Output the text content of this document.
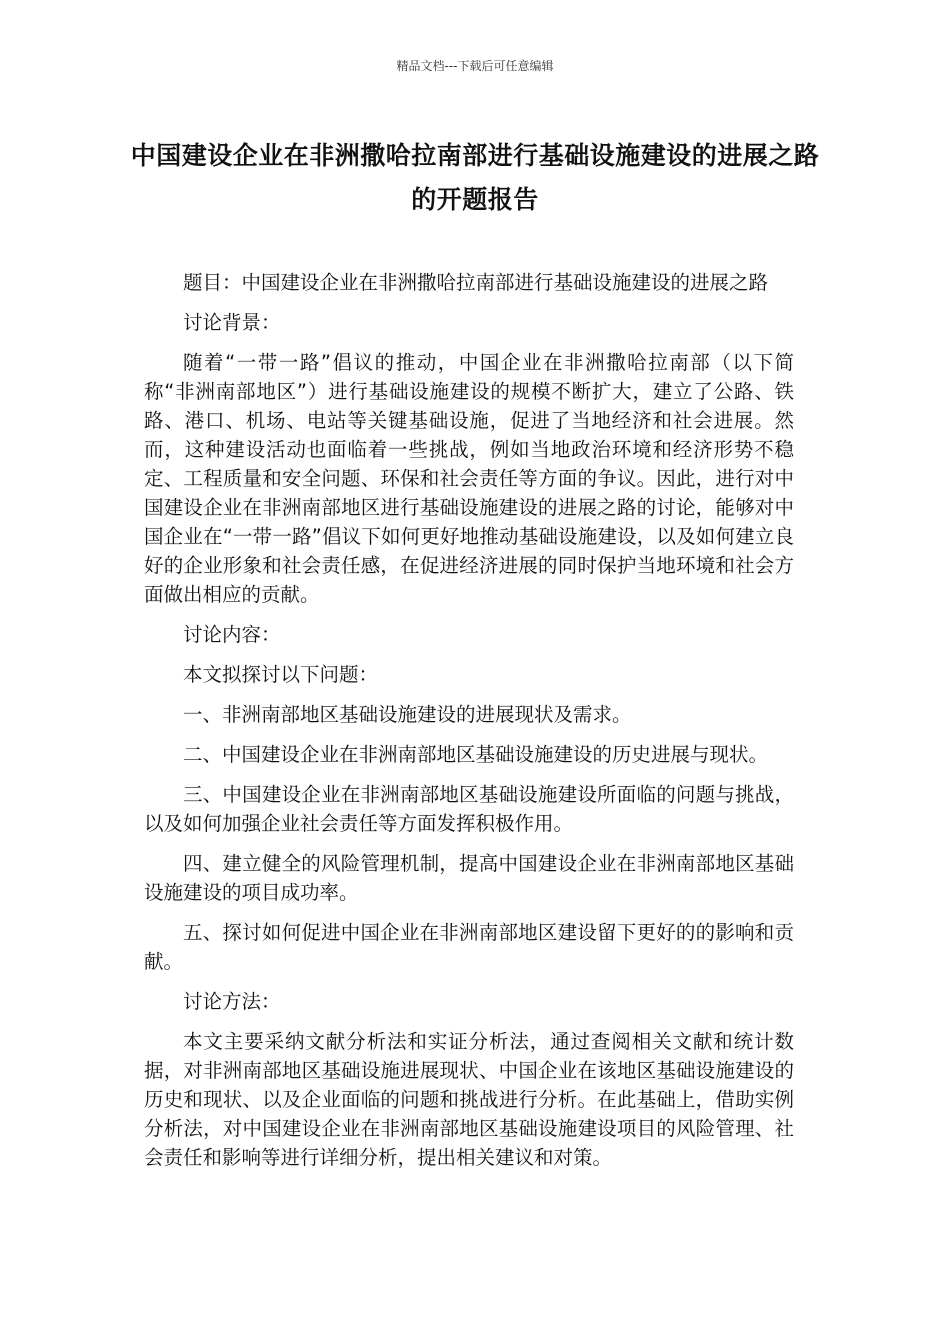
精品文档---下载后可任意编辑
中国建设企业在非洲撒哈拉南部进行基础设施建设的进展之路的开题报告

题目：中国建设企业在非洲撒哈拉南部进行基础设施建设的进展之路

讨论背景：

随着“一带一路”倡议的推动，中国企业在非洲撒哈拉南部（以下简称“非洲南部地区”）进行基础设施建设的规模不断扩大，建立了公路、铁路、港口、机场、电站等关键基础设施，促进了当地经济和社会进展。然而，这种建设活动也面临着一些挑战，例如当地政治环境和经济形势不稳定、工程质量和安全问题、环保和社会责任等方面的争议。因此，进行对中国建设企业在非洲南部地区进行基础设施建设的进展之路的讨论，能够对中国企业在“一带一路”倡议下如何更好地推动基础设施建设，以及如何建立良好的企业形象和社会责任感，在促进经济进展的同时保护当地环境和社会方面做出相应的贡献。

讨论内容：

本文拟探讨以下问题：

一、非洲南部地区基础设施建设的进展现状及需求。

二、中国建设企业在非洲南部地区基础设施建设的历史进展与现状。

三、中国建设企业在非洲南部地区基础设施建设所面临的问题与挑战，以及如何加强企业社会责任等方面发挥积极作用。

四、建立健全的风险管理机制，提高中国建设企业在非洲南部地区基础设施建设的项目成功率。

五、探讨如何促进中国企业在非洲南部地区建设留下更好的的影响和贡献。

讨论方法：

本文主要采纳文献分析法和实证分析法，通过查阅相关文献和统计数据，对非洲南部地区基础设施进展现状、中国企业在该地区基础设施建设的历史和现状、以及企业面临的问题和挑战进行分析。在此基础上，借助实例分析法，对中国建设企业在非洲南部地区基础设施建设项目的风险管理、社会责任和影响等进行详细分析，提出相关建议和对策。
